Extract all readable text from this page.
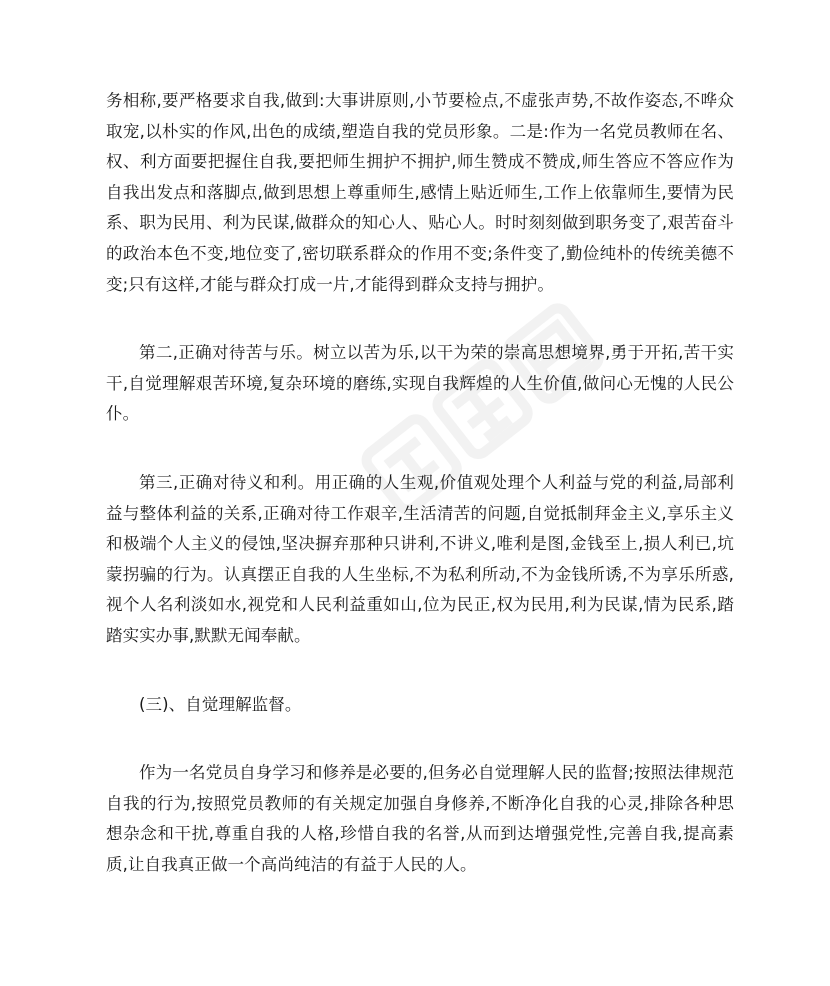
务相称,要严格要求自我,做到:大事讲原则,小节要检点,不虚张声势,不故作姿态,不哗众取宠,以朴实的作风,出色的成绩,塑造自我的党员形象。二是:作为一名党员教师在名、权、利方面要把握住自我,要把师生拥护不拥护,师生赞成不赞成,师生答应不答应作为自我出发点和落脚点,做到思想上尊重师生,感情上贴近师生,工作上依靠师生,要情为民系、职为民用、利为民谋,做群众的知心人、贴心人。时时刻刻做到职务变了,艰苦奋斗的政治本色不变,地位变了,密切联系群众的作用不变;条件变了,勤俭纯朴的传统美德不变;只有这样,才能与群众打成一片,才能得到群众支持与拥护。

第二,正确对待苦与乐。树立以苦为乐,以干为荣的崇高思想境界,勇于开拓,苦干实干,自觉理解艰苦环境,复杂环境的磨练,实现自我辉煌的人生价值,做问心无愧的人民公仆。

第三,正确对待义和利。用正确的人生观,价值观处理个人利益与党的利益,局部利益与整体利益的关系,正确对待工作艰辛,生活清苦的问题,自觉抵制拜金主义,享乐主义和极端个人主义的侵蚀,坚决摒弃那种只讲利,不讲义,唯利是图,金钱至上,损人利已,坑蒙拐骗的行为。认真摆正自我的人生坐标,不为私利所动,不为金钱所诱,不为享乐所惑,视个人名利淡如水,视党和人民利益重如山,位为民正,权为民用,利为民谋,情为民系,踏踏实实办事,默默无闻奉献。

(三)、自觉理解监督。

作为一名党员自身学习和修养是必要的,但务必自觉理解人民的监督;按照法律规范自我的行为,按照党员教师的有关规定加强自身修养,不断净化自我的心灵,排除各种思想杂念和干扰,尊重自我的人格,珍惜自我的名誉,从而到达增强党性,完善自我,提高素质,让自我真正做一个高尚纯洁的有益于人民的人。
